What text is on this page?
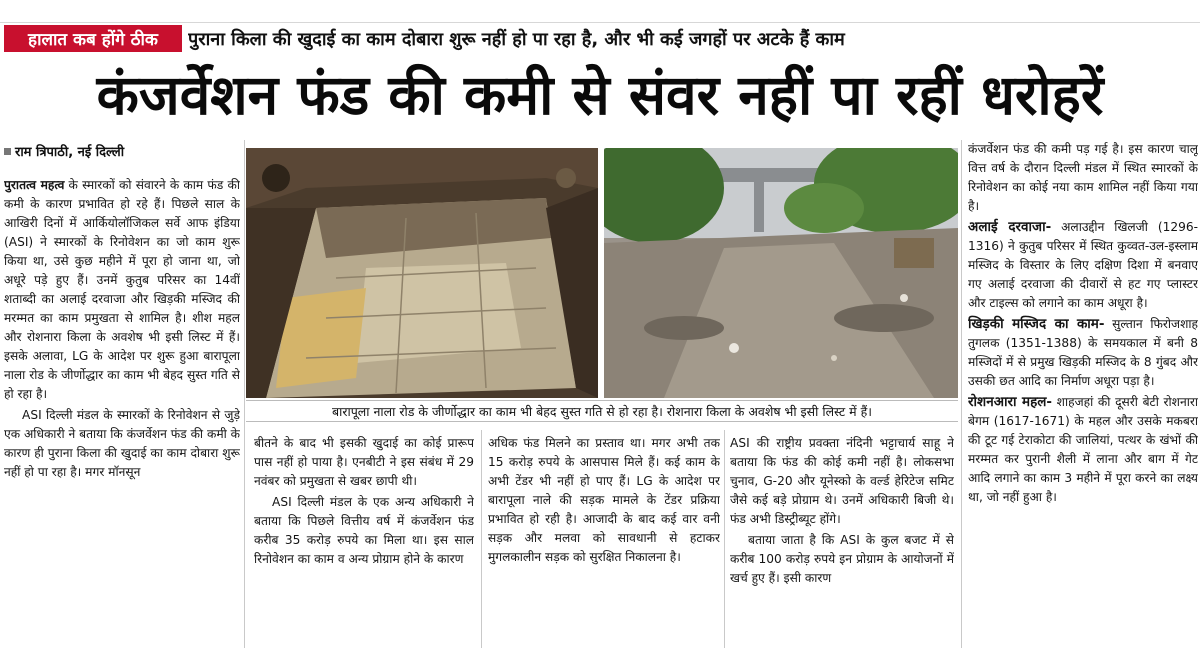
हालात कब होंगे ठीक	पुराना किला की खुदाई का काम दोबारा शुरू नहीं हो पा रहा है, और भी कई जगहों पर अटके हैं काम
कंजर्वेशन फंड की कमी से संवर नहीं पा रहीं धरोहरें
राम त्रिपाठी, नई दिल्ली

पुरातत्व महत्व के स्मारकों को संवारने के काम फंड की कमी के कारण प्रभावित हो रहे हैं। पिछले साल के आखिरी दिनों में आर्कियोलॉजिकल सर्वे आफ इंडिया (ASI) ने स्मारकों के रिनोवेशन का जो काम शुरू किया था, उसे कुछ महीने में पूरा हो जाना था, जो अधूरे पड़े हुए हैं। उनमें कुतुब परिसर का 14वीं शताब्दी का अलाई दरवाजा और खिड़की मस्जिद की मरम्मत का काम प्रमुखता से शामिल है। शीश महल और रोशनारा किला के अवशेष भी इसी लिस्ट में हैं। इसके अलावा, LG के आदेश पर शुरू हुआ बारापूला नाला रोड के जीर्णोद्धार का काम भी बेहद सुस्त गति से हो रहा है।

ASI दिल्ली मंडल के स्मारकों के रिनोवेशन से जुड़े एक अधिकारी ने बताया कि कंजर्वेशन फंड की कमी के कारण ही पुराना किला की खुदाई का काम दोबारा शुरू नहीं हो पा रहा है। मगर मॉनसून

बारापूला नाला रोड के जीर्णोद्धार का काम भी बेहद सुस्त गति से हो रहा है। रोशनारा किला के अवशेष भी इसी लिस्ट में हैं।

बीतने के बाद भी इसकी खुदाई का कोई प्रारूप पास नहीं हो पाया है। एनबीटी ने इस संबंध में 29 नवंबर को प्रमुखता से खबर छापी थी।

ASI दिल्ली मंडल के एक अन्य अधिकारी ने बताया कि पिछले वित्तीय वर्ष में कंजर्वेशन फंड करीब 35 करोड़ रुपये का मिला था। इस साल रिनोवेशन का काम व अन्य प्रोग्राम होने के कारण

अधिक फंड मिलने का प्रस्ताव था। मगर अभी तक 15 करोड़ रुपये के आसपास मिले हैं। कई काम के अभी टेंडर भी नहीं हो पाए हैं। LG के आदेश पर बारापूला नाले की सड़क मामले के टेंडर प्रक्रिया प्रभावित हो रही है। आजादी के बाद कई वार वनी सड़क और मलवा को सावधानी से हटाकर मुगलकालीन सड़क को सुरक्षित निकालना है।

ASI की राष्ट्रीय प्रवक्ता नंदिनी भट्टाचार्य साहू ने बताया कि फंड की कोई कमी नहीं है। लोकसभा चुनाव, G-20 और यूनेस्को के वर्ल्ड हेरिटेज समिट जैसे कई बड़े प्रोग्राम थे। उनमें अधिकारी बिजी थे। फंड अभी डिस्ट्रीब्यूट होंगे।

बताया जाता है कि ASI के कुल बजट में से करीब 100 करोड़ रुपये इन प्रोग्राम के आयोजनों में खर्च हुए हैं। इसी कारण

कंजर्वेशन फंड की कमी पड़ गई है। इस कारण चालू वित्त वर्ष के दौरान दिल्ली मंडल में स्थित स्मारकों के रिनोवेशन का कोई नया काम शामिल नहीं किया गया है।

अलाई दरवाजा- अलाउद्दीन खिलजी (1296-1316) ने कुतुब परिसर में स्थित कुव्वत-उल-इस्लाम मस्जिद के विस्तार के लिए दक्षिण दिशा में बनवाए गए अलाई दरवाजा की दीवारों से हट गए प्लास्टर और टाइल्स को लगाने का काम अधूरा है।

खिड़की मस्जिद का काम- सुल्तान फिरोजशाह तुगलक (1351-1388) के समयकाल में बनी 8 मस्जिदों में से प्रमुख खिड़की मस्जिद के 8 गुंबद और उसकी छत आदि का निर्माण अधूरा पड़ा है।

रोशनआरा महल- शाहजहां की दूसरी बेटी रोशनारा बेगम (1617-1671) के महल और उसके मकबरा की टूट गई टेराकोटा की जालियां, पत्थर के खंभों की मरम्मत कर पुरानी शैली में लाना और बाग में गेट आदि लगाने का काम 3 महीने में पूरा करने का लक्ष्य था, जो नहीं हुआ है।
